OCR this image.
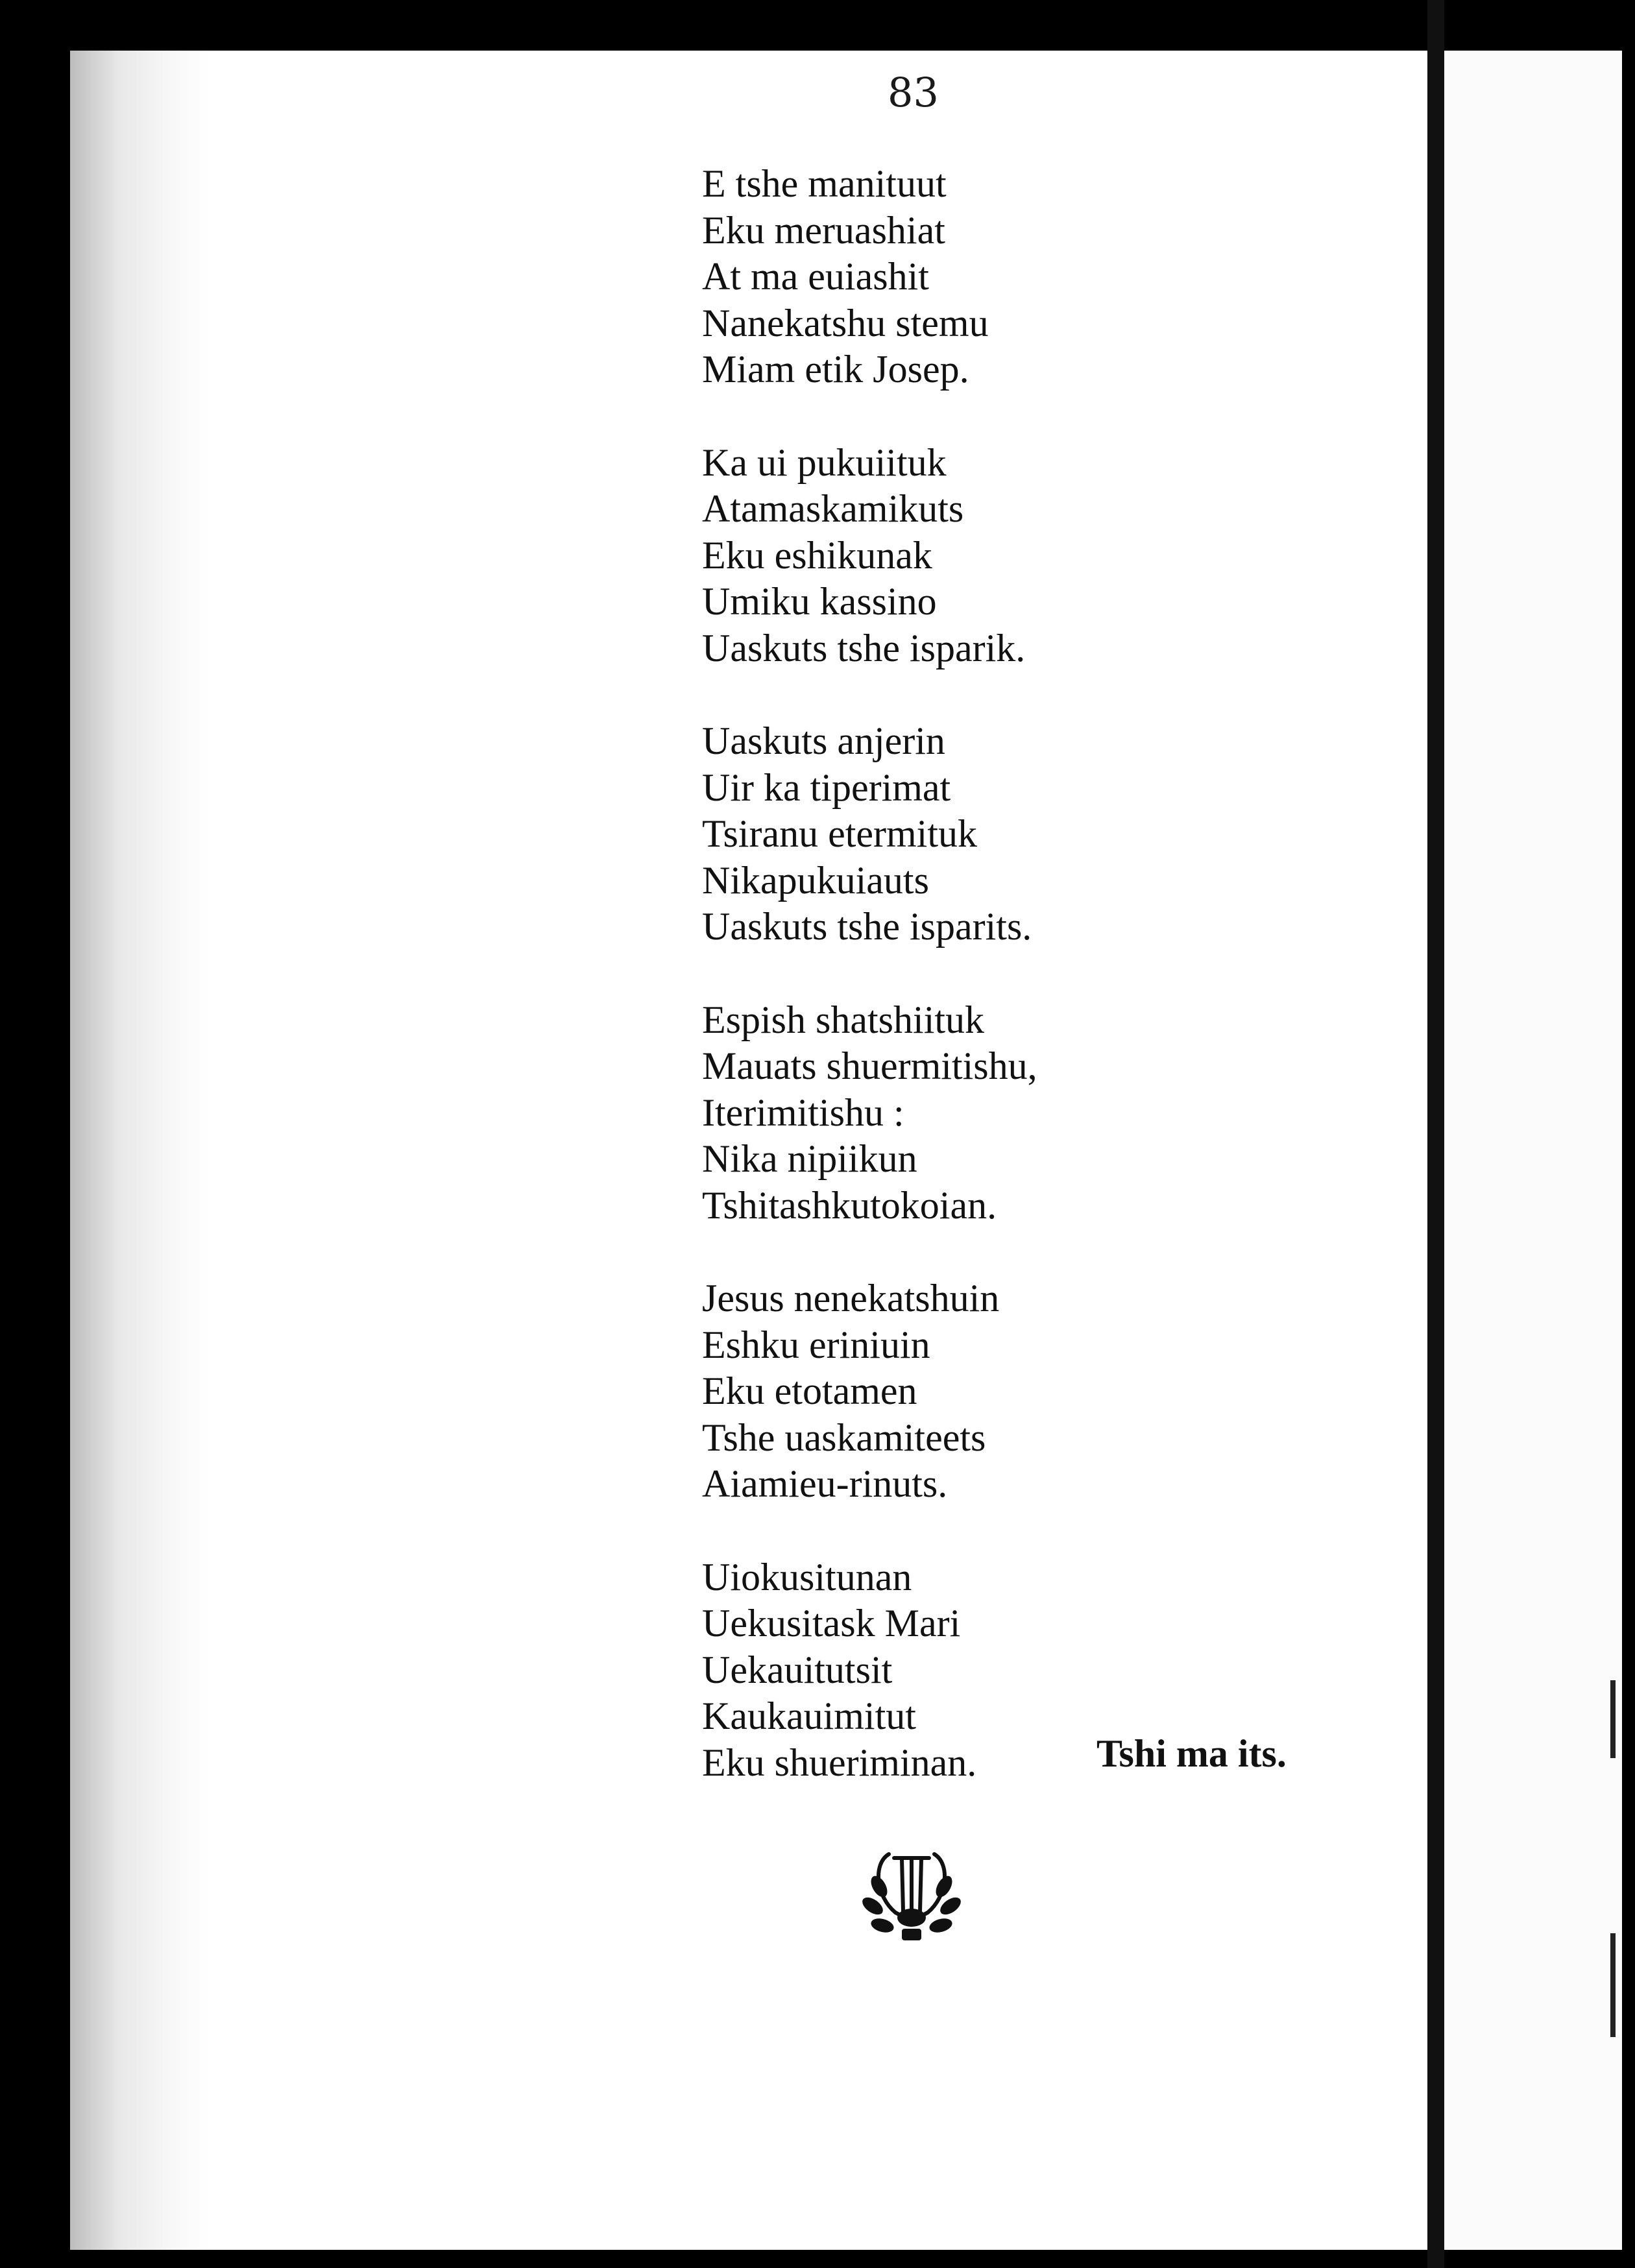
83
E tshe manituut
Eku meruashiat
At ma euiashit
Nanekatshu stemu
Miam etik Josep.
Ka ui pukuiituk
Atamaskamikuts
Eku eshikunak
Umiku kassino
Uaskuts tshe isparik.
Uaskuts anjerin
Uir ka tiperimat
Tsiranu etermituk
Nikapukuiauts
Uaskuts tshe isparits.
Espish shatshiituk
Mauats shuermitishu,
Iterimitishu :
Nika nipiikun
Tshitashkutokoian.
Jesus nenekatshuin
Eshku eriniuin
Eku etotamen
Tshe uaskamiteets
Aiamieu-rinuts.
Uiokusitunan
Uekusitask Mari
Uekauitutsit
Kaukauimitut
Eku shueriminan.	Tshi ma its.
